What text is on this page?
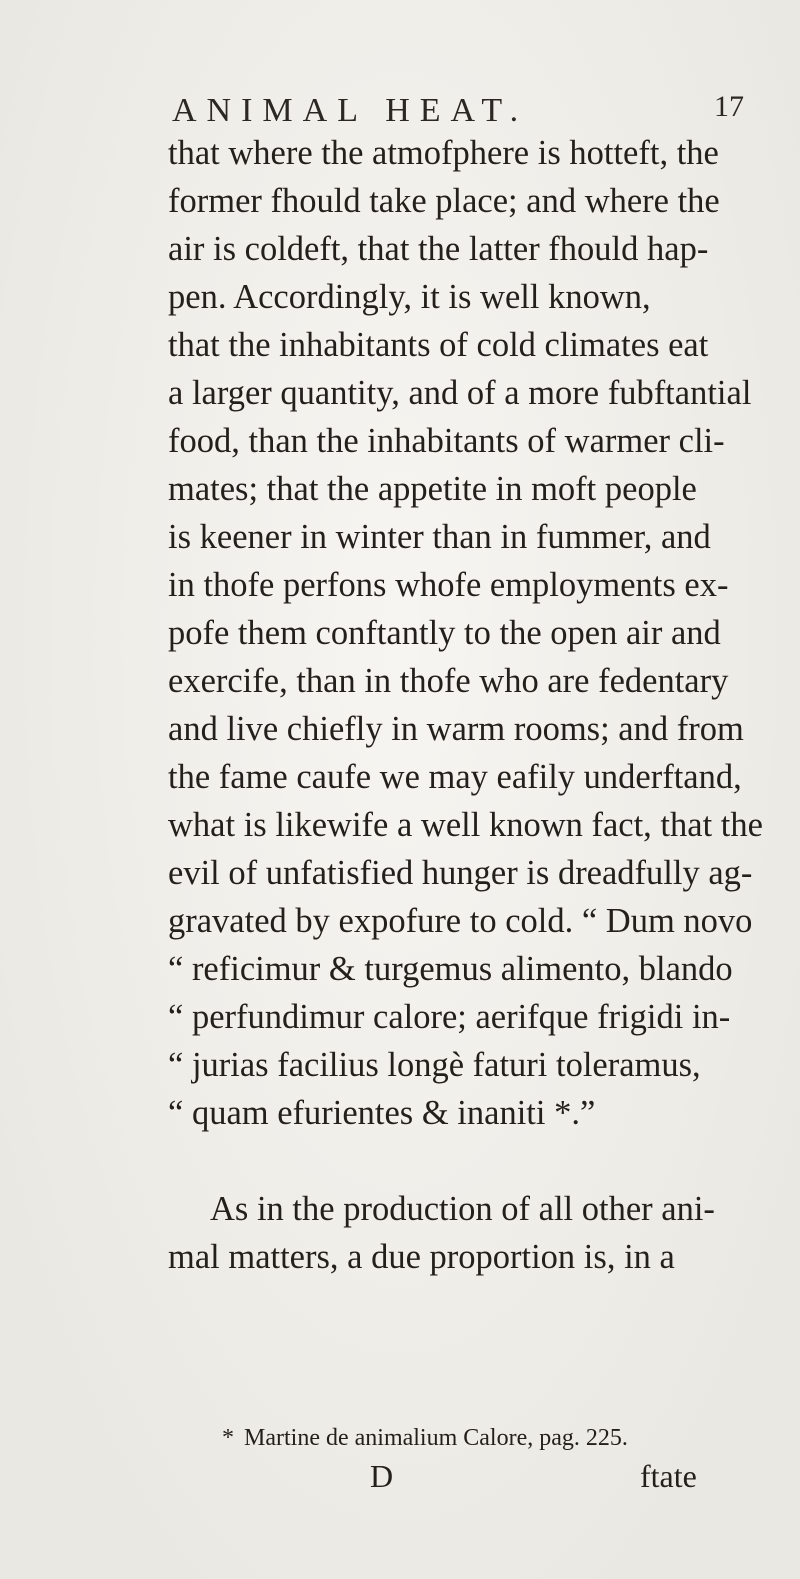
ANIMAL HEAT.	17
that where the atmofphere is hotteft, the
former fhould take place; and where the
air is coldeft, that the latter fhould hap-
pen. Accordingly, it is well known,
that the inhabitants of cold climates eat
a larger quantity, and of a more fubftantial
food, than the inhabitants of warmer cli-
mates; that the appetite in moft people
is keener in winter than in fummer, and
in thofe perfons whofe employments ex-
pofe them conftantly to the open air and
exercife, than in thofe who are fedentary
and live chiefly in warm rooms; and from
the fame caufe we may eafily underftand,
what is likewife a well known fact, that the
evil of unfatisfied hunger is dreadfully ag-
gravated by expofure to cold. “ Dum novo
“ reficimur & turgemus alimento, blando
“ perfundimur calore; aerifque frigidi in-
“ jurias facilius longè faturi toleramus,
“ quam efurientes & inaniti *.”
As in the production of all other ani-
mal matters, a due proportion is, in a
* Martine de animalium Calore, pag. 225.
D	ftate
